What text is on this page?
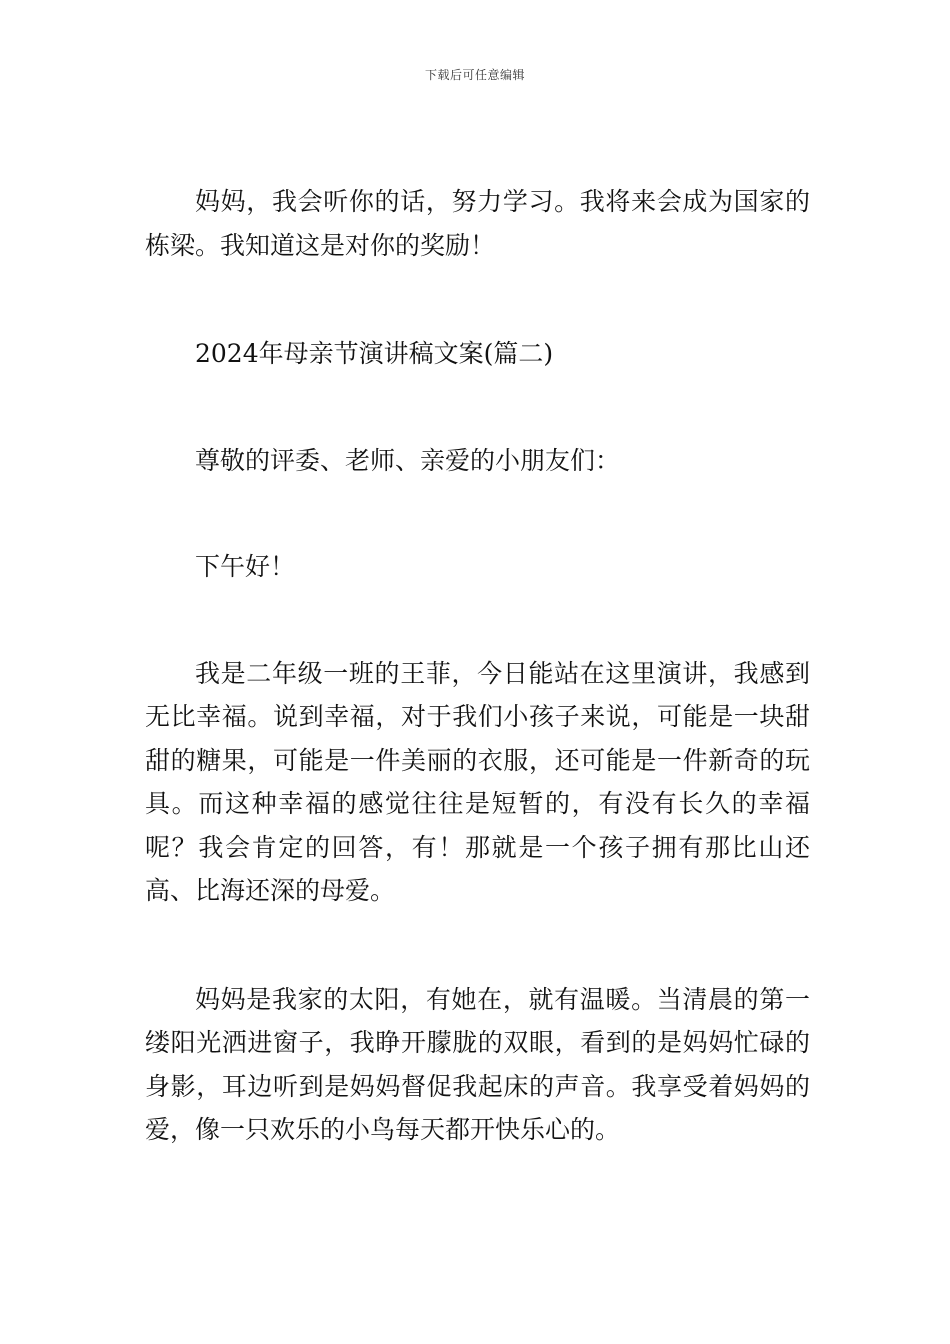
下载后可任意编辑

妈妈，我会听你的话，努力学习。我将来会成为国家的栋梁。我知道这是对你的奖励！

2024年母亲节演讲稿文案(篇二)

尊敬的评委、老师、亲爱的小朋友们：

下午好！

我是二年级一班的王菲，今日能站在这里演讲，我感到无比幸福。说到幸福，对于我们小孩子来说，可能是一块甜甜的糖果，可能是一件美丽的衣服，还可能是一件新奇的玩具。而这种幸福的感觉往往是短暂的，有没有长久的幸福呢？我会肯定的回答，有！那就是一个孩子拥有那比山还高、比海还深的母爱。

妈妈是我家的太阳，有她在，就有温暖。当清晨的第一缕阳光洒进窗子，我睁开朦胧的双眼，看到的是妈妈忙碌的身影，耳边听到是妈妈督促我起床的声音。我享受着妈妈的爱，像一只欢乐的小鸟每天都开快乐心的。
